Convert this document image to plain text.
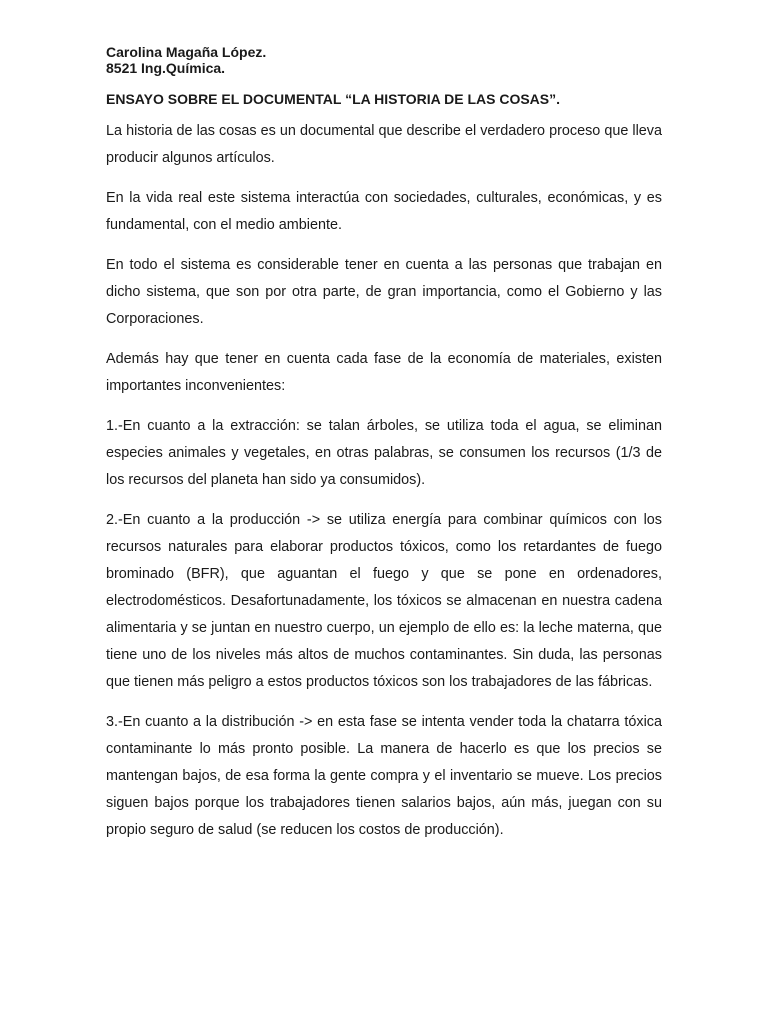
Carolina Magaña López.

8521 Ing.Química.

ENSAYO SOBRE EL DOCUMENTAL “LA HISTORIA DE LAS COSAS”.

La historia de las cosas es un documental que describe el verdadero proceso que lleva producir algunos artículos.

En la vida real este sistema interactúa con sociedades, culturales, económicas, y es fundamental, con el medio ambiente.

En todo el sistema es considerable tener en cuenta a las personas que trabajan en dicho sistema, que son por otra parte, de gran importancia, como el Gobierno y las Corporaciones.

Además hay que tener en cuenta cada fase de la economía de materiales, existen importantes inconvenientes:

1.-En cuanto a la extracción: se talan árboles, se utiliza toda el agua, se eliminan especies animales y vegetales, en otras palabras, se consumen los recursos (1/3 de los recursos del planeta han sido ya consumidos).

2.-En cuanto a la producción -> se utiliza energía para combinar químicos con los recursos naturales para elaborar productos tóxicos, como los retardantes de fuego brominado (BFR), que aguantan el fuego y que se pone en ordenadores, electrodomésticos. Desafortunadamente, los tóxicos se almacenan en nuestra cadena alimentaria y se juntan en nuestro cuerpo, un ejemplo de ello es: la leche materna, que tiene uno de los niveles más altos de muchos contaminantes. Sin duda, las personas que tienen más peligro a estos productos tóxicos son los trabajadores de las fábricas.

3.-En cuanto a la distribución -> en esta fase se intenta vender toda la chatarra tóxica contaminante lo más pronto posible. La manera de hacerlo es que los precios se mantengan bajos, de esa forma la gente compra y el inventario se mueve. Los precios siguen bajos porque los trabajadores tienen salarios bajos, aún más, juegan con su propio seguro de salud (se reducen los costos de producción).
